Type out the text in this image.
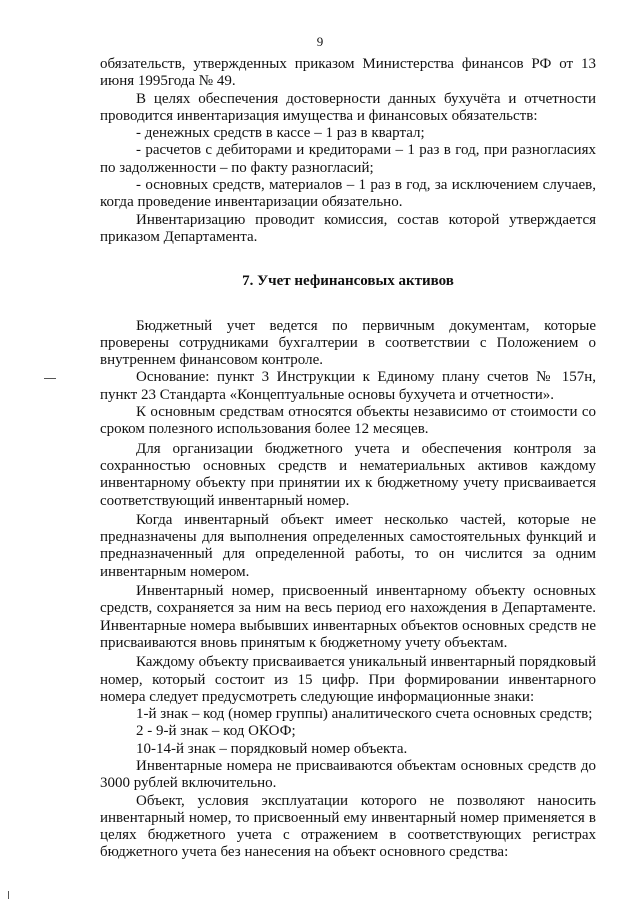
9

обязательств, утвержденных приказом Министерства финансов РФ от 13 июня 1995года № 49.

В целях обеспечения достоверности данных бухучёта и отчетности проводится инвентаризация имущества и финансовых обязательств:

- денежных средств в кассе – 1 раз в квартал;

- расчетов с дебиторами и кредиторами – 1 раз в год, при разногласиях по задолженности – по факту разногласий;

- основных средств, материалов – 1 раз в год, за исключением случаев, когда проведение инвентаризации обязательно.

Инвентаризацию проводит комиссия, состав которой утверждается приказом Департамента.

7. Учет нефинансовых активов

Бюджетный учет ведется по первичным документам, которые проверены сотрудниками бухгалтерии в соответствии с Положением о внутреннем финансовом контроле.

Основание: пункт 3 Инструкции к Единому плану счетов № 157н, пункт 23 Стандарта «Концептуальные основы бухучета и отчетности».

К основным средствам относятся объекты независимо от стоимости со сроком полезного использования более 12 месяцев.

Для организации бюджетного учета и обеспечения контроля за сохранностью основных средств и нематериальных активов каждому инвентарному объекту при принятии их к бюджетному учету присваивается соответствующий инвентарный номер.

Когда инвентарный объект имеет несколько частей, которые не предназначены для выполнения определенных самостоятельных функций и предназначенный для определенной работы, то он числится за одним инвентарным номером.

Инвентарный номер, присвоенный инвентарному объекту основных средств, сохраняется за ним на весь период его нахождения в Департаменте. Инвентарные номера выбывших инвентарных объектов основных средств не присваиваются вновь принятым к бюджетному учету объектам.

Каждому объекту присваивается уникальный инвентарный порядковый номер, который состоит из 15 цифр. При формировании инвентарного номера следует предусмотреть следующие информационные знаки:

1-й знак – код (номер группы) аналитического счета основных средств;

2 - 9-й знак – код ОКОФ;

10-14-й знак – порядковый номер объекта.

Инвентарные номера не присваиваются объектам основных средств до 3000 рублей включительно.

Объект, условия эксплуатации которого не позволяют наносить инвентарный номер, то присвоенный ему инвентарный номер применяется в целях бюджетного учета с отражением в соответствующих регистрах бюджетного учета без нанесения на объект основного средства:
